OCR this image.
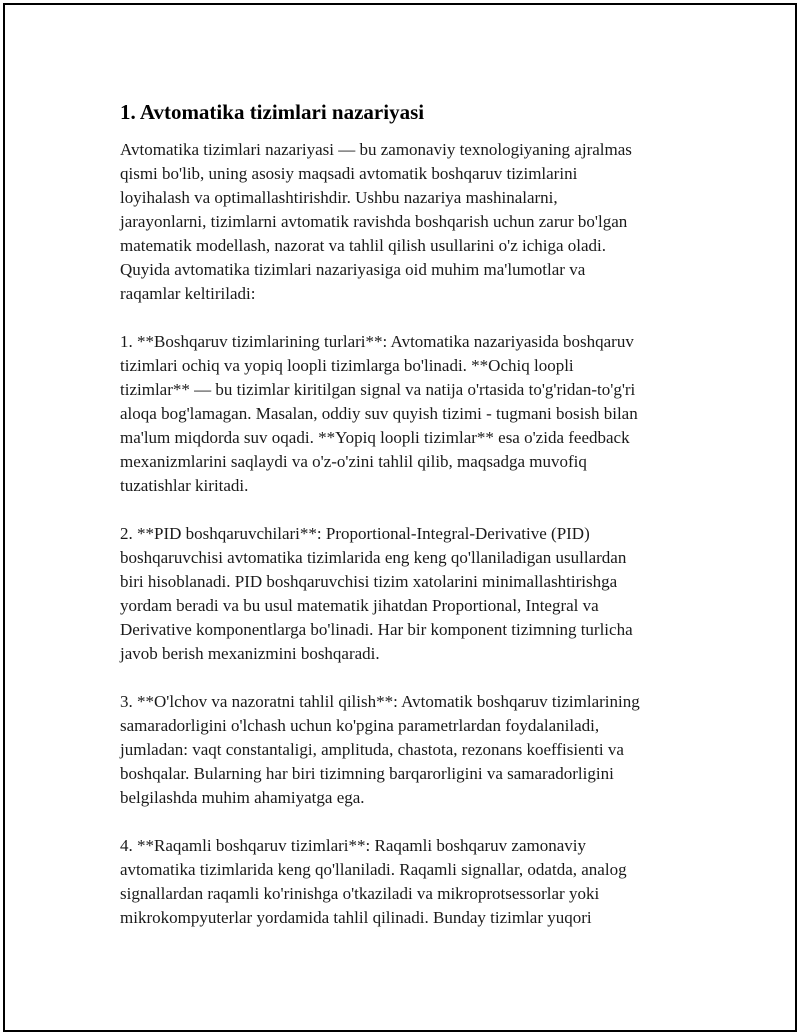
1. Avtomatika tizimlari nazariyasi

Avtomatika tizimlari nazariyasi — bu zamonaviy texnologiyaning ajralmas
qismi bo'lib, uning asosiy maqsadi avtomatik boshqaruv tizimlarini
loyihalash va optimallashtirishdir. Ushbu nazariya mashinalarni,
jarayonlarni, tizimlarni avtomatik ravishda boshqarish uchun zarur bo'lgan
matematik modellash, nazorat va tahlil qilish usullarini o'z ichiga oladi.
Quyida avtomatika tizimlari nazariyasiga oid muhim ma'lumotlar va
raqamlar keltiriladi:

1. **Boshqaruv tizimlarining turlari**: Avtomatika nazariyasida boshqaruv
tizimlari ochiq va yopiq loopli tizimlarga bo'linadi. **Ochiq loopli
tizimlar** — bu tizimlar kiritilgan signal va natija o'rtasida to'g'ridan-to'g'ri
aloqa bog'lamagan. Masalan, oddiy suv quyish tizimi - tugmani bosish bilan
ma'lum miqdorda suv oqadi. **Yopiq loopli tizimlar** esa o'zida feedback
mexanizmlarini saqlaydi va o'z-o'zini tahlil qilib, maqsadga muvofiq
tuzatishlar kiritadi.

2. **PID boshqaruvchilari**: Proportional-Integral-Derivative (PID)
boshqaruvchisi avtomatika tizimlarida eng keng qo'llaniladigan usullardan
biri hisoblanadi. PID boshqaruvchisi tizim xatolarini minimallashtirishga
yordam beradi va bu usul matematik jihatdan Proportional, Integral va
Derivative komponentlarga bo'linadi. Har bir komponent tizimning turlicha
javob berish mexanizmini boshqaradi.

3. **O'lchov va nazoratni tahlil qilish**: Avtomatik boshqaruv tizimlarining
samaradorligini o'lchash uchun ko'pgina parametrlardan foydalaniladi,
jumladan: vaqt constantaligi, amplituda, chastota, rezonans koeffisienti va
boshqalar. Bularning har biri tizimning barqarorligini va samaradorligini
belgilashda muhim ahamiyatga ega.

4. **Raqamli boshqaruv tizimlari**: Raqamli boshqaruv zamonaviy
avtomatika tizimlarida keng qo'llaniladi. Raqamli signallar, odatda, analog
signallardan raqamli ko'rinishga o'tkaziladi va mikroprotsessorlar yoki
mikrokompyuterlar yordamida tahlil qilinadi. Bunday tizimlar yuqori
